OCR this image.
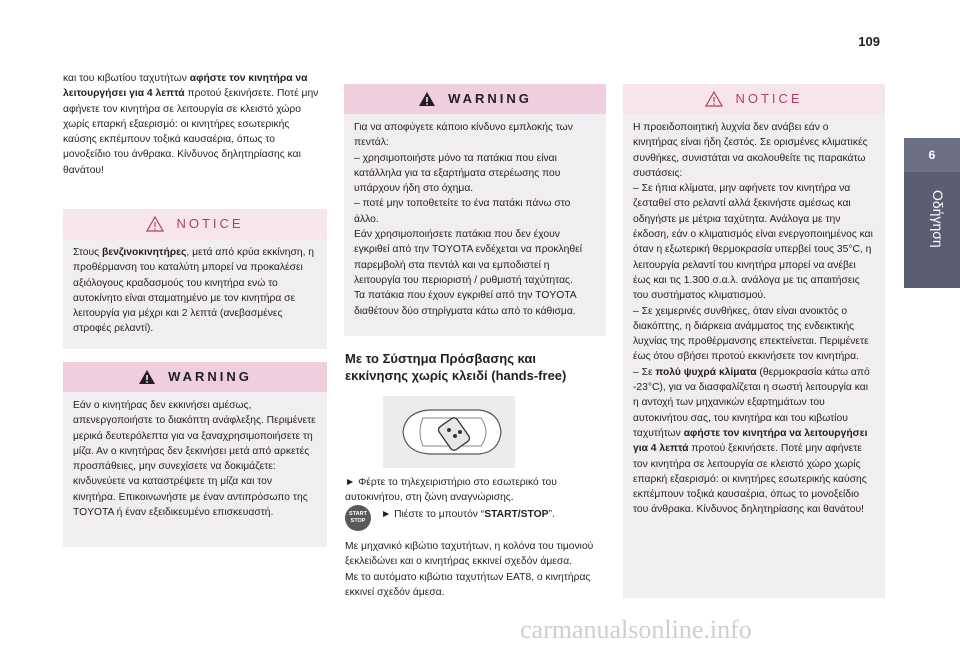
109
6
Οδήγηση

και του κιβωτίου ταχυτήτων αφήστε τον κινητήρα να λειτουργήσει για 4 λεπτά προτού ξεκινήσετε. Ποτέ μην αφήνετε τον κινητήρα σε λειτουργία σε κλειστό χώρο χωρίς επαρκή εξαερισμό: οι κινητήρες εσωτερικής καύσης εκπέμπουν τοξικά καυσαέρια, όπως το μονοξείδιο του άνθρακα. Κίνδυνος δηλητηρίασης και θανάτου!

NOTICE

Στους βενζινοκινητήρες, μετά από κρύα εκκίνηση, η προθέρμανση του καταλύτη μπορεί να προκαλέσει αξιόλογους κραδασμούς του κινητήρα ενώ το αυτοκίνητο είναι σταματημένο με τον κινητήρα σε λειτουργία για μέχρι και 2 λεπτά (ανεβασμένες στροφές ρελαντί).

WARNING

Εάν ο κινητήρας δεν εκκινήσει αμέσως, απενεργοποιήστε το διακόπτη ανάφλεξης. Περιμένετε μερικά δευτερόλεπτα για να ξαναχρησιμοποιήσετε τη μίζα. Αν ο κινητήρας δεν ξεκινήσει μετά από αρκετές προσπάθειες, μην συνεχίσετε να δοκιμάζετε: κινδυνεύετε να καταστρέψετε τη μίζα και τον κινητήρα. Επικοινωνήστε με έναν αντιπρόσωπο της TOYOTA ή έναν εξειδικευμένο επισκευαστή.

WARNING

Για να αποφύγετε κάποιο κίνδυνο εμπλοκής των πεντάλ:

– χρησιμοποιήστε μόνο τα πατάκια που είναι κατάλληλα για τα εξαρτήματα στερέωσης που υπάρχουν ήδη στο όχημα.

– ποτέ μην τοποθετείτε το ένα πατάκι πάνω στο άλλο.

Εάν χρησιμοποιήσετε πατάκια που δεν έχουν εγκριθεί από την TOYOTA ενδέχεται να προκληθεί παρεμβολή στα πεντάλ και να εμποδιστεί η λειτουργία του περιοριστή / ρυθμιστή ταχύτητας.

Τα πατάκια που έχουν εγκριθεί από την TOYOTA διαθέτουν δύο στηρίγματα κάτω από το κάθισμα.

Με το Σύστημα Πρόσβασης και εκκίνησης χωρίς κλειδί (hands-free)

► Φέρτε το τηλεχειριστήριο στο εσωτερικό του αυτοκινήτου, στη ζώνη αναγνώρισης.

START STOP

► Πιέστε το μπουτόν “START/STOP”.

Με μηχανικό κιβώτιο ταχυτήτων, η κολόνα του τιμονιού ξεκλειδώνει και ο κινητήρας εκκινεί σχεδόν άμεσα.

Με το αυτόματο κιβώτιο ταχυτήτων EAT8, ο κινητήρας εκκινεί σχεδόν άμεσα.

NOTICE

Η προειδοποιητική λυχνία δεν ανάβει εάν ο κινητήρας είναι ήδη ζεστός. Σε ορισμένες κλιματικές συνθήκες, συνιστάται να ακολουθείτε τις παρακάτω συστάσεις:

– Σε ήπια κλίματα, μην αφήνετε τον κινητήρα να ζεσταθεί στο ρελαντί αλλά ξεκινήστε αμέσως και οδηγήστε με μέτρια ταχύτητα. Ανάλογα με την έκδοση, εάν ο κλιματισμός είναι ενεργοποιημένος και όταν η εξωτερική θερμοκρασία υπερβεί τους 35°C, η λειτουργία ρελαντί του κινητήρα μπορεί να ανέβει έως και τις 1.300 σ.α.λ. ανάλογα με τις απαιτήσεις του συστήματος κλιματισμού.

– Σε χειμερινές συνθήκες, όταν είναι ανοικτός ο διακόπτης, η διάρκεια ανάμματος της ενδεικτικής λυχνίας της προθέρμανσης επεκτείνεται. Περιμένετε έως ότου σβήσει προτού εκκινήσετε τον κινητήρα.

– Σε πολύ ψυχρά κλίματα (θερμοκρασία κάτω από -23°C), για να διασφαλίζεται η σωστή λειτουργία και η αντοχή των μηχανικών εξαρτημάτων του αυτοκινήτου σας, του κινητήρα και του κιβωτίου ταχυτήτων αφήστε τον κινητήρα να λειτουργήσει για 4 λεπτά προτού ξεκινήσετε. Ποτέ μην αφήνετε τον κινητήρα σε λειτουργία σε κλειστό χώρο χωρίς επαρκή εξαερισμό: οι κινητήρες εσωτερικής καύσης εκπέμπουν τοξικά καυσαέρια, όπως το μονοξείδιο του άνθρακα. Κίνδυνος δηλητηρίασης και θανάτου!

carmanualsonline.info
